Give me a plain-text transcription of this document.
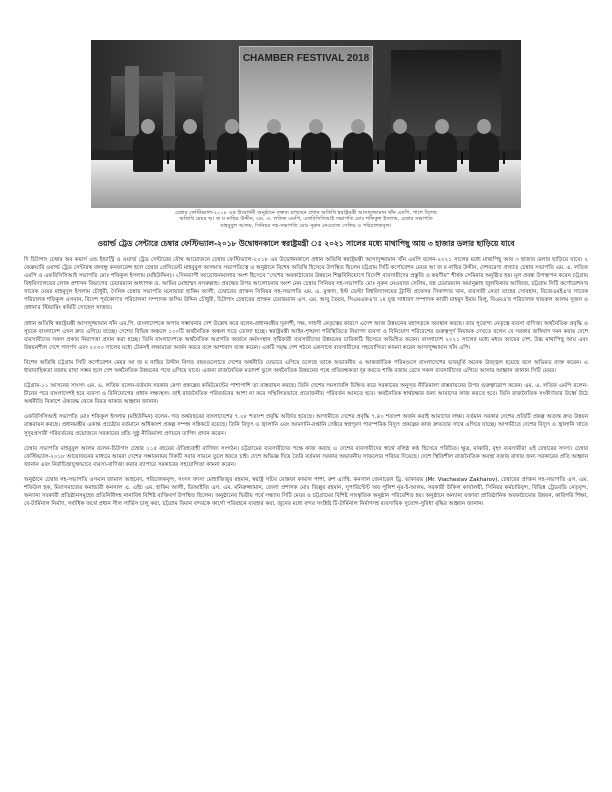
CHAMBER FESTIVAL 2018
চেম্বার ফেস্টিভ্যাল-২০১৮ এর উদ্বোধনী অনুষ্ঠানে বক্তব্য রাখছেন প্রধান অতিথি স্বরাষ্ট্রমন্ত্রী আসাদুজ্জামান খাঁন এমপি, পাশে বিশেষ
অতিথি মেয়র আ জ ম নাছির উদ্দীন, এম. এ. লতিফ এমপি, এফবিসিসিআই সভাপতি মোঃ শফিকুল ইসলাম, চেম্বার সভাপতি
মাহবুবুল আলম, সিনিয়র সহ-সভাপতি মোঃ নূরুন নেওয়াজ সেলিম ও পরিচালকবৃন্দ।
ওয়ার্ল্ড ট্রেড সেন্টারে চেম্বার ফেস্টিভ্যাল-২০১৮ উদ্বোধনকালে স্বরাষ্ট্রমন্ত্রী ঃ ২০২১ সালের মধ্যে মাথাপিছু আয় ৩ হাজার ডলার ছাড়িয়ে যাবে

দি চিটাগাং চেম্বার অব কমার্স এন্ড ইন্ডাস্ট্রি ও ওয়ার্ল্ড ট্রেড সেন্টারের যৌথ আয়োজনে চেম্বার ফেস্টিভ্যাল-২০১৮ এর উদ্বোধনকালে প্রধান অতিথি স্বরাষ্ট্রমন্ত্রী আসাদুজ্জামান খাঁন এমপি বলেন-২০২১ সালের মধ্যে মাথাপিছু আয় ৩ হাজার ডলার ছাড়িয়ে যাবে। ২ ফেব্রুয়ারি ওয়ার্ল্ড ট্রেড সেন্টারস্থ বঙ্গবন্ধু কনফারেন্স হলে চেম্বার প্রেসিডেন্ট মাহবুবুল আলম'র সভাপতিত্বে ও অনুষ্ঠানে বিশেষ অতিথি হিসেবে উপস্থিত ছিলেন চট্টগ্রাম সিটি কর্পোরেশন মেয়র আ জ ম নাছির উদ্দীন, দেশবরেণ্য প্রখ্যাত চেম্বার সভাপতি এম. এ. লতিফ এমপি ও এফবিসিসিআই সভাপতি মোঃ শফিকুল ইসলাম (মহিউদ্দিন)। ২দিনব্যাপী আয়োজনমালার অংশ হিসেবে “দেশের অবকাঠামোর উন্নয়নে শিল্পবিনিয়োগে বিদেশি ব্যবসায়ীদের প্রস্তুতি ও করণীয়” শীর্ষক সেমিনার অনুষ্ঠিত হয়। মূল প্রবন্ধ উপস্থাপন করেন চট্টগ্রাম বিশ্ববিদ্যালয়ের লোক প্রশাসন বিভাগের চেয়ারম্যান অধ্যাপক ড. আমির মোহাম্মদ নসরুল্লাহ। প্রবন্ধের উপর আলোচনায় অংশ নেন চেম্বার সিনিয়র সহ-সভাপতি মোঃ নূরুন নেওয়াজ সেলিম, বস্ত্র চেয়ারম্যান অমানুল্লাহ জুলফিকার আজিজ, চট্টগ্রাম সিটি কর্পোরেশন'র সাবেক মেয়র মাহমুদুল ইসলাম চৌধুরী, দৈনিক চেম্বার সভাপতি মনোয়ারা হাকিম আলী, চেম্বারের প্রাক্তন সিনিয়র সহ-সভাপতি এম. এ. মুক্তাদ, ইস্ট ডেল্টা বিশ্ববিদ্যালয়ের ট্রাস্টি প্রফেসর সিকান্দার খান, ব্যবসায়ী নেতা তাহের সোবহান, বিজেএমইএ'র সাবেক পরিচালক শফিকুল ওসমান, বিদেশ পূর্বকোণ'র পরিচালনা সম্পাদক জসিম উদ্দিন চৌধুরী, চিটাগাং চেম্বারের প্রাক্তন চেয়ারম্যান এস. এম. আবু তৈয়ব, সিএমএফএ'র ১ম যুগ্ম সাধারণ সম্পাদক কাজী মাহমুদ ইমাম বিলু, বিএমএ'র পরিচালক খায়রুল আলম সুজন ও প্রধান'র স্টিয়ারিং কমিটি সোহেল সাত্তার।

প্রধান অতিথি স্বরাষ্ট্রমন্ত্রী আসাদুজ্জামান খাঁন এম.পি. বাংলাদেশকে অপার সম্ভাবনার দেশ উল্লেখ করে বলেন-প্রধানমন্ত্রীর দূরদর্শী, দক্ষ, সাহসী নেতৃত্বের কারণে এদেশ আজ উন্নয়নের মহাসড়কে অবস্থান করছে। তার সুযোগ্য নেতৃত্বে ব্যবসা বাণিজ্য অর্থনৈতিক প্রবৃদ্ধি ও সূচকে বাংলাদেশ এখন দ্রুত এগিয়ে যাচ্ছে। দেশের বিভিন্ন অঞ্চলে ১০০টি অর্থনৈতিক অঞ্চল গড়ে তোলা হচ্ছে। স্বরাষ্ট্রমন্ত্রী আইন-শৃঙ্খলা পরিস্থিতিতে নিরাপদ ব্যবসা ও বিনিয়োগ পরিবেশের গুরুত্বপূর্ণ নিয়ামক দেখতে বলেন যে সরকার জঙ্গিবাদ দমন করায় দেশে ব্যবসায়ীদের সকল প্রকার নিরাপত্তা প্রদান করা হচ্ছে। তিনি বাংলাদেশকে অর্থনৈতিক অগ্রগতি অর্জনে কর্মসংস্থান সৃষ্টিকারী ব্যবসায়ীদের উন্নয়নের চাবিকাঠি হিসেবে অভিহিত করেন। বাংলাদেশ ২০২১ সালের মধ্যে মধ্যম আয়ের দেশ, উচ্চ মাথাপিছু আয় এবং উন্নয়নশীল দেশে পদার্পণ এবং ২০৩০ সালের মধ্যে টেকসই লক্ষ্যমাত্রা অর্জন করবে বলে আশাবাদ ব্যক্ত করেন। একটি সমৃদ্ধ দেশ গঠনে একসাথে ব্যবসায়ীদের সহযোগিতা কামনা করেন আসাদুজ্জামান খাঁন এপি।

বিশেষ অতিথি চট্টগ্রাম সিটি কর্পোরেশন মেয়র আ জ ম নাছির উদ্দীন বিগত বছরগুলোতে দেশের অর্থনীতি যেভাবে এগিয়ে চলেছে তাকে অভাবনীয় ও আন্তর্জাতিক পরিমণ্ডলে বাংলাদেশের ভাবমূর্তি অনেক উজ্জ্বল হয়েছে বলে অভিমত ব্যক্ত করেন। এ ধারাবাহিকতা বজায় রাখা সম্ভব হলে দেশ অর্থনৈতিক উন্নয়নের পথে এগিয়ে যাবে। এজন্য রাজনৈতিক মতাদর্শ ভুলে অর্থনৈতিক উন্নয়নের পথে প্রতিবন্ধকতা দূর করতে শান্তি বজায় রেখে সকল ব্যবসায়ীদের এগিয়ে আসার আহ্বান জানান সিটি মেয়র।

চট্টগ্রাম-১১ আসনের সাংসদ এম. এ. লতিফ বলেন-বর্তমান সরকার মেগা প্রকল্পের কমিটমেন্টের পাশাপাশি তা বাস্তবায়ন করছে। তিনি দেশের সমস্যাবলি চিহ্নিত করে সরকারের অনুসৃত নীতিমালা বাস্তবায়নের উপর গুরুত্বারোপ করেন। এম. এ. লতিফ এমপি বলেন-চীনের পরে বাংলাদেশই হবে ব্যবসা ও বিনিয়োগের প্রধান লক্ষ্যস্থল। তাই রাজনৈতিক পরিবর্তনের আশা না করে সম্মিলিতভাবে প্রয়োজনীয় পরিবর্তন আনতে হবে। অর্থনৈতিক স্বার্থরক্ষার জন্য আমাদের কাজ করতে হবে। তিনি রাজনৈতিক সংকীর্ণতার উর্ধ্বে উঠে অর্থনীতি বিকাশে ঐক্যবদ্ধ থেকে বিরত থাকার আহ্বান জানান।

এফবিসিসিআই সভাপতি মোঃ শফিকুল ইসলাম (মহিউদ্দিন) বলেন- গত অর্থবছরের বাংলাদেশের ৭.২৮ শতাংশ প্রবৃদ্ধি অর্জিত হয়েছে। আগামীতে দেশের প্রবৃদ্ধি ৭.৪০ শতাংশ অর্জন করাই আমাদের লক্ষ্য। বর্তমান সরকার দেশের প্রতিটি প্রকল্প অত্যন্ত দ্রুত উন্নয়ন বাস্তবায়ন করছে। প্রধানমন্ত্রীর একান্ত প্রচেষ্টায় বর্তমানে অধিকাংশ প্রকল্প সম্পন্ন সন্নিকটে রয়েছে। তিনি বিদ্যুৎ ও জ্বালানি এবং আমদানি-রপ্তানি সেক্টরে স্বপ্নপূরণ পারস্পরিক বিদ্যুৎ প্রকল্পের কাজ দ্রুততার সাথে এগিয়ে যাচ্ছে। আগামীতে দেশের বিদ্যুৎ ও জ্বালানি খাতে সুদূরপ্রসারী পরিবর্তনের প্রয়োজনে সরকারের প্রতি সুষ্ঠু নীতিমালা প্রণয়নে তাগিদ প্রদান করেন।

চেম্বার সভাপতি মাহবুবুল আলম বলেন-চিটাগাং চেম্বার ১১৫ বছরের ঐতিহ্যবাহী বাণিজ্য সংগঠন। চট্টগ্রামের ব্যবসায়ীদের পক্ষে কাজ করছে এ দেশের ব্যবসায়ীদের স্বার্থে বলিষ্ঠ কণ্ঠ হিসেবে পরিচিত। ক্ষুদ্র, মাঝারি, বৃহৎ ব্যবসায়ীরা এই চেম্বারের সদস্য। চেম্বার ফেস্টিভ্যাল-২০১৮ আয়োজনের মাধ্যমে আমরা দেশের সম্ভাবনাময় দিকটি সবার সামনে তুলে ধরতে চাই। দেশে অভিজ্ঞ দিয়ে তৈরি বর্তমান সরকার অভাবনীয় সাফল্যের পরিচয় দিয়েছে। দেশে স্থিতিশীল রাজনৈতিক অবস্থা বজায় রাখার জন্য সরকারের প্রতি আহ্বান জানান এবং নির্বাচিত্তাযুক্তভাবে ব্যবসা-বাণিজ্য করার ব্যাপারে সরকারের সহযোগিতা কামনা করেন।

অনুষ্ঠানে চেম্বার সহ-সভাপতি ওসমান জামাল আহমেদ, পরিচালকবৃন্দ, সংসদ সদস্য মোহাজিজুর রহমান, স্বরাষ্ট্র সচিব মোস্তফা কামাল পাশা, রুশ এ্যাম্বি. কনসাল জেনারেল ড্রি. ভাকারভ (Mr. Viacheslav Zakharov), চেম্বারের প্রাক্তন সহ-সভাপতি এস. এম. শফিউল হক, মিয়াসমাজের কমান্ডারী কনসাল এ. এইচ এম. হাকিম আলী, ডিআইজি এস. এম. মনিরুজ্জামান, জেলা প্রশাসক মোঃ জিল্লুর রহমান, সুপারিন্টেন্ট অব পুলিশ নূর-ই-আলম, সরকারী উকিল কার্যালয়ী, সিনিয়র কর্মচারিবৃন্দ, বিভিন্ন ট্রেডবডি নেতৃবৃন্দ, অন্যান্য সরকারী প্রতিষ্ঠানসমূহের প্রতিনিধিসহ নানাবিধ বিশিষ্ট ব্যক্তিবর্গ উপস্থিত ছিলেন। অনুষ্ঠানের দ্বিতীয় পর্বে সন্ধ্যায় সিটি মেয়র ও চট্টগ্রামের বিশিষ্ট সাংস্কৃতিক অনুষ্ঠান পরিবেশিত হয়। অনুষ্ঠানে অন্যান্য বক্তারা প্রাতিষ্ঠানিক অবকাঠামোর উন্নয়ন, কারিগরি শিক্ষা, বে-টার্মিনাল নির্মাণ, সর্বাধিক অর্থে প্রধান সীল সার্ভিস চালু করা, চট্টগ্রাম বিমান বন্দরকে কার্গো পরিবহনে ব্যবহার করা, জুনের মধ্যে বন্দর সংশ্লিষ্ট টি-টার্মিনাল নির্মাণসহ ব্যবসায়িক সুযোগ-সুবিধা বৃদ্ধির আহ্বান জানান।
